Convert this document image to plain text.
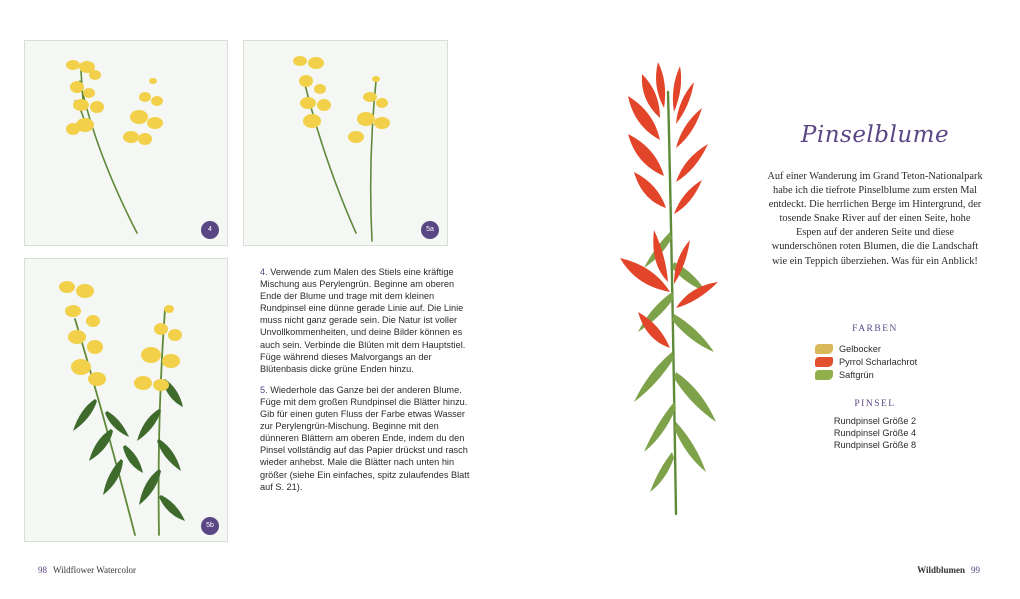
4	5a
5b

4. Verwende zum Malen des Stiels eine kräftige Mischung aus Perylengrün. Beginne am oberen Ende der Blume und trage mit dem kleinen Rundpinsel eine dünne gerade Linie auf. Die Linie muss nicht ganz gerade sein. Die Natur ist voller Unvollkommenheiten, und deine Bilder können es auch sein. Verbinde die Blüten mit dem Hauptstiel. Füge während dieses Malvorgangs an der Blütenbasis dicke grüne Enden hinzu.

5. Wiederhole das Ganze bei der anderen Blume. Füge mit dem großen Rundpinsel die Blätter hinzu. Gib für einen guten Fluss der Farbe etwas Wasser zur Perylengrün-Mischung. Beginne mit den dünneren Blättern am oberen Ende, indem du den Pinsel vollständig auf das Papier drückst und rasch wieder anhebst. Male die Blätter nach unten hin größer (siehe Ein einfaches, spitz zulaufendes Blatt auf S. 21).

98 Wildflower Watercolor
Pinselblume
Auf einer Wanderung im Grand Teton-Nationalpark habe ich die tiefrote Pinselblume zum ersten Mal entdeckt. Die herrlichen Berge im Hintergrund, der tosende Snake River auf der einen Seite, hohe Espen auf der anderen Seite und diese wunderschönen roten Blumen, die die Landschaft wie ein Teppich überziehen. Was für ein Anblick!
FARBEN
Gelbocker
Pyrrol Scharlachrot
Saftgrün
PINSEL
Rundpinsel Größe 2
Rundpinsel Größe 4
Rundpinsel Größe 8
Wildblumen 99
